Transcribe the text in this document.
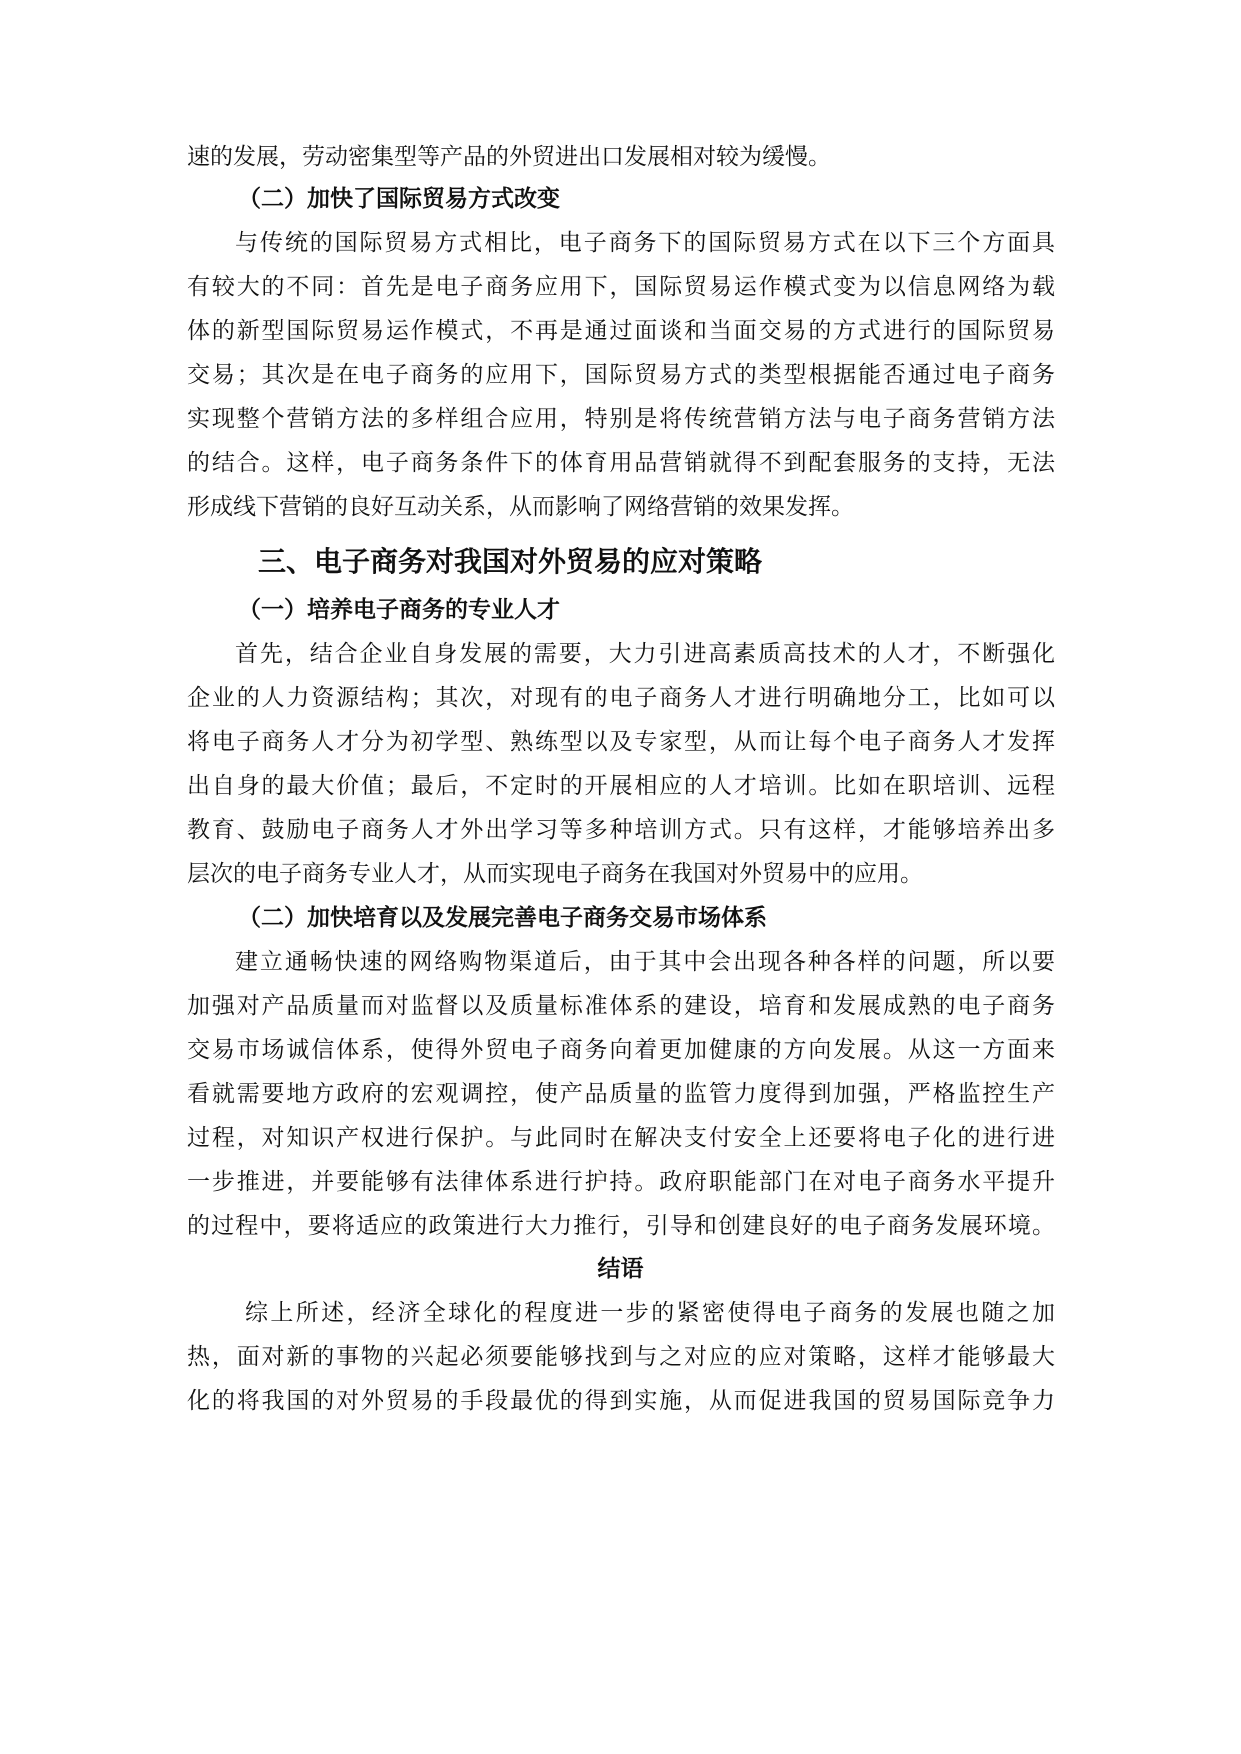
速的发展，劳动密集型等产品的外贸进出口发展相对较为缓慢。

（二）加快了国际贸易方式改变

与传统的国际贸易方式相比，电子商务下的国际贸易方式在以下三个方面具

有较大的不同：首先是电子商务应用下，国际贸易运作模式变为以信息网络为载

体的新型国际贸易运作模式，不再是通过面谈和当面交易的方式进行的国际贸易

交易；其次是在电子商务的应用下，国际贸易方式的类型根据能否通过电子商务

实现整个营销方法的多样组合应用，特别是将传统营销方法与电子商务营销方法

的结合。这样，电子商务条件下的体育用品营销就得不到配套服务的支持，无法

形成线下营销的良好互动关系，从而影响了网络营销的效果发挥。

三、电子商务对我国对外贸易的应对策略

（一）培养电子商务的专业人才

首先，结合企业自身发展的需要，大力引进高素质高技术的人才，不断强化

企业的人力资源结构；其次，对现有的电子商务人才进行明确地分工，比如可以

将电子商务人才分为初学型、熟练型以及专家型，从而让每个电子商务人才发挥

出自身的最大价值；最后，不定时的开展相应的人才培训。比如在职培训、远程

教育、鼓励电子商务人才外出学习等多种培训方式。只有这样，才能够培养出多

层次的电子商务专业人才，从而实现电子商务在我国对外贸易中的应用。

（二）加快培育以及发展完善电子商务交易市场体系

建立通畅快速的网络购物渠道后，由于其中会出现各种各样的问题，所以要

加强对产品质量而对监督以及质量标准体系的建设，培育和发展成熟的电子商务

交易市场诚信体系，使得外贸电子商务向着更加健康的方向发展。从这一方面来

看就需要地方政府的宏观调控，使产品质量的监管力度得到加强，严格监控生产

过程，对知识产权进行保护。与此同时在解决支付安全上还要将电子化的进行进

一步推进，并要能够有法律体系进行护持。政府职能部门在对电子商务水平提升

的过程中，要将适应的政策进行大力推行，引导和创建良好的电子商务发展环境。

结语

综上所述，经济全球化的程度进一步的紧密使得电子商务的发展也随之加

热，面对新的事物的兴起必须要能够找到与之对应的应对策略，这样才能够最大

化的将我国的对外贸易的手段最优的得到实施，从而促进我国的贸易国际竞争力
